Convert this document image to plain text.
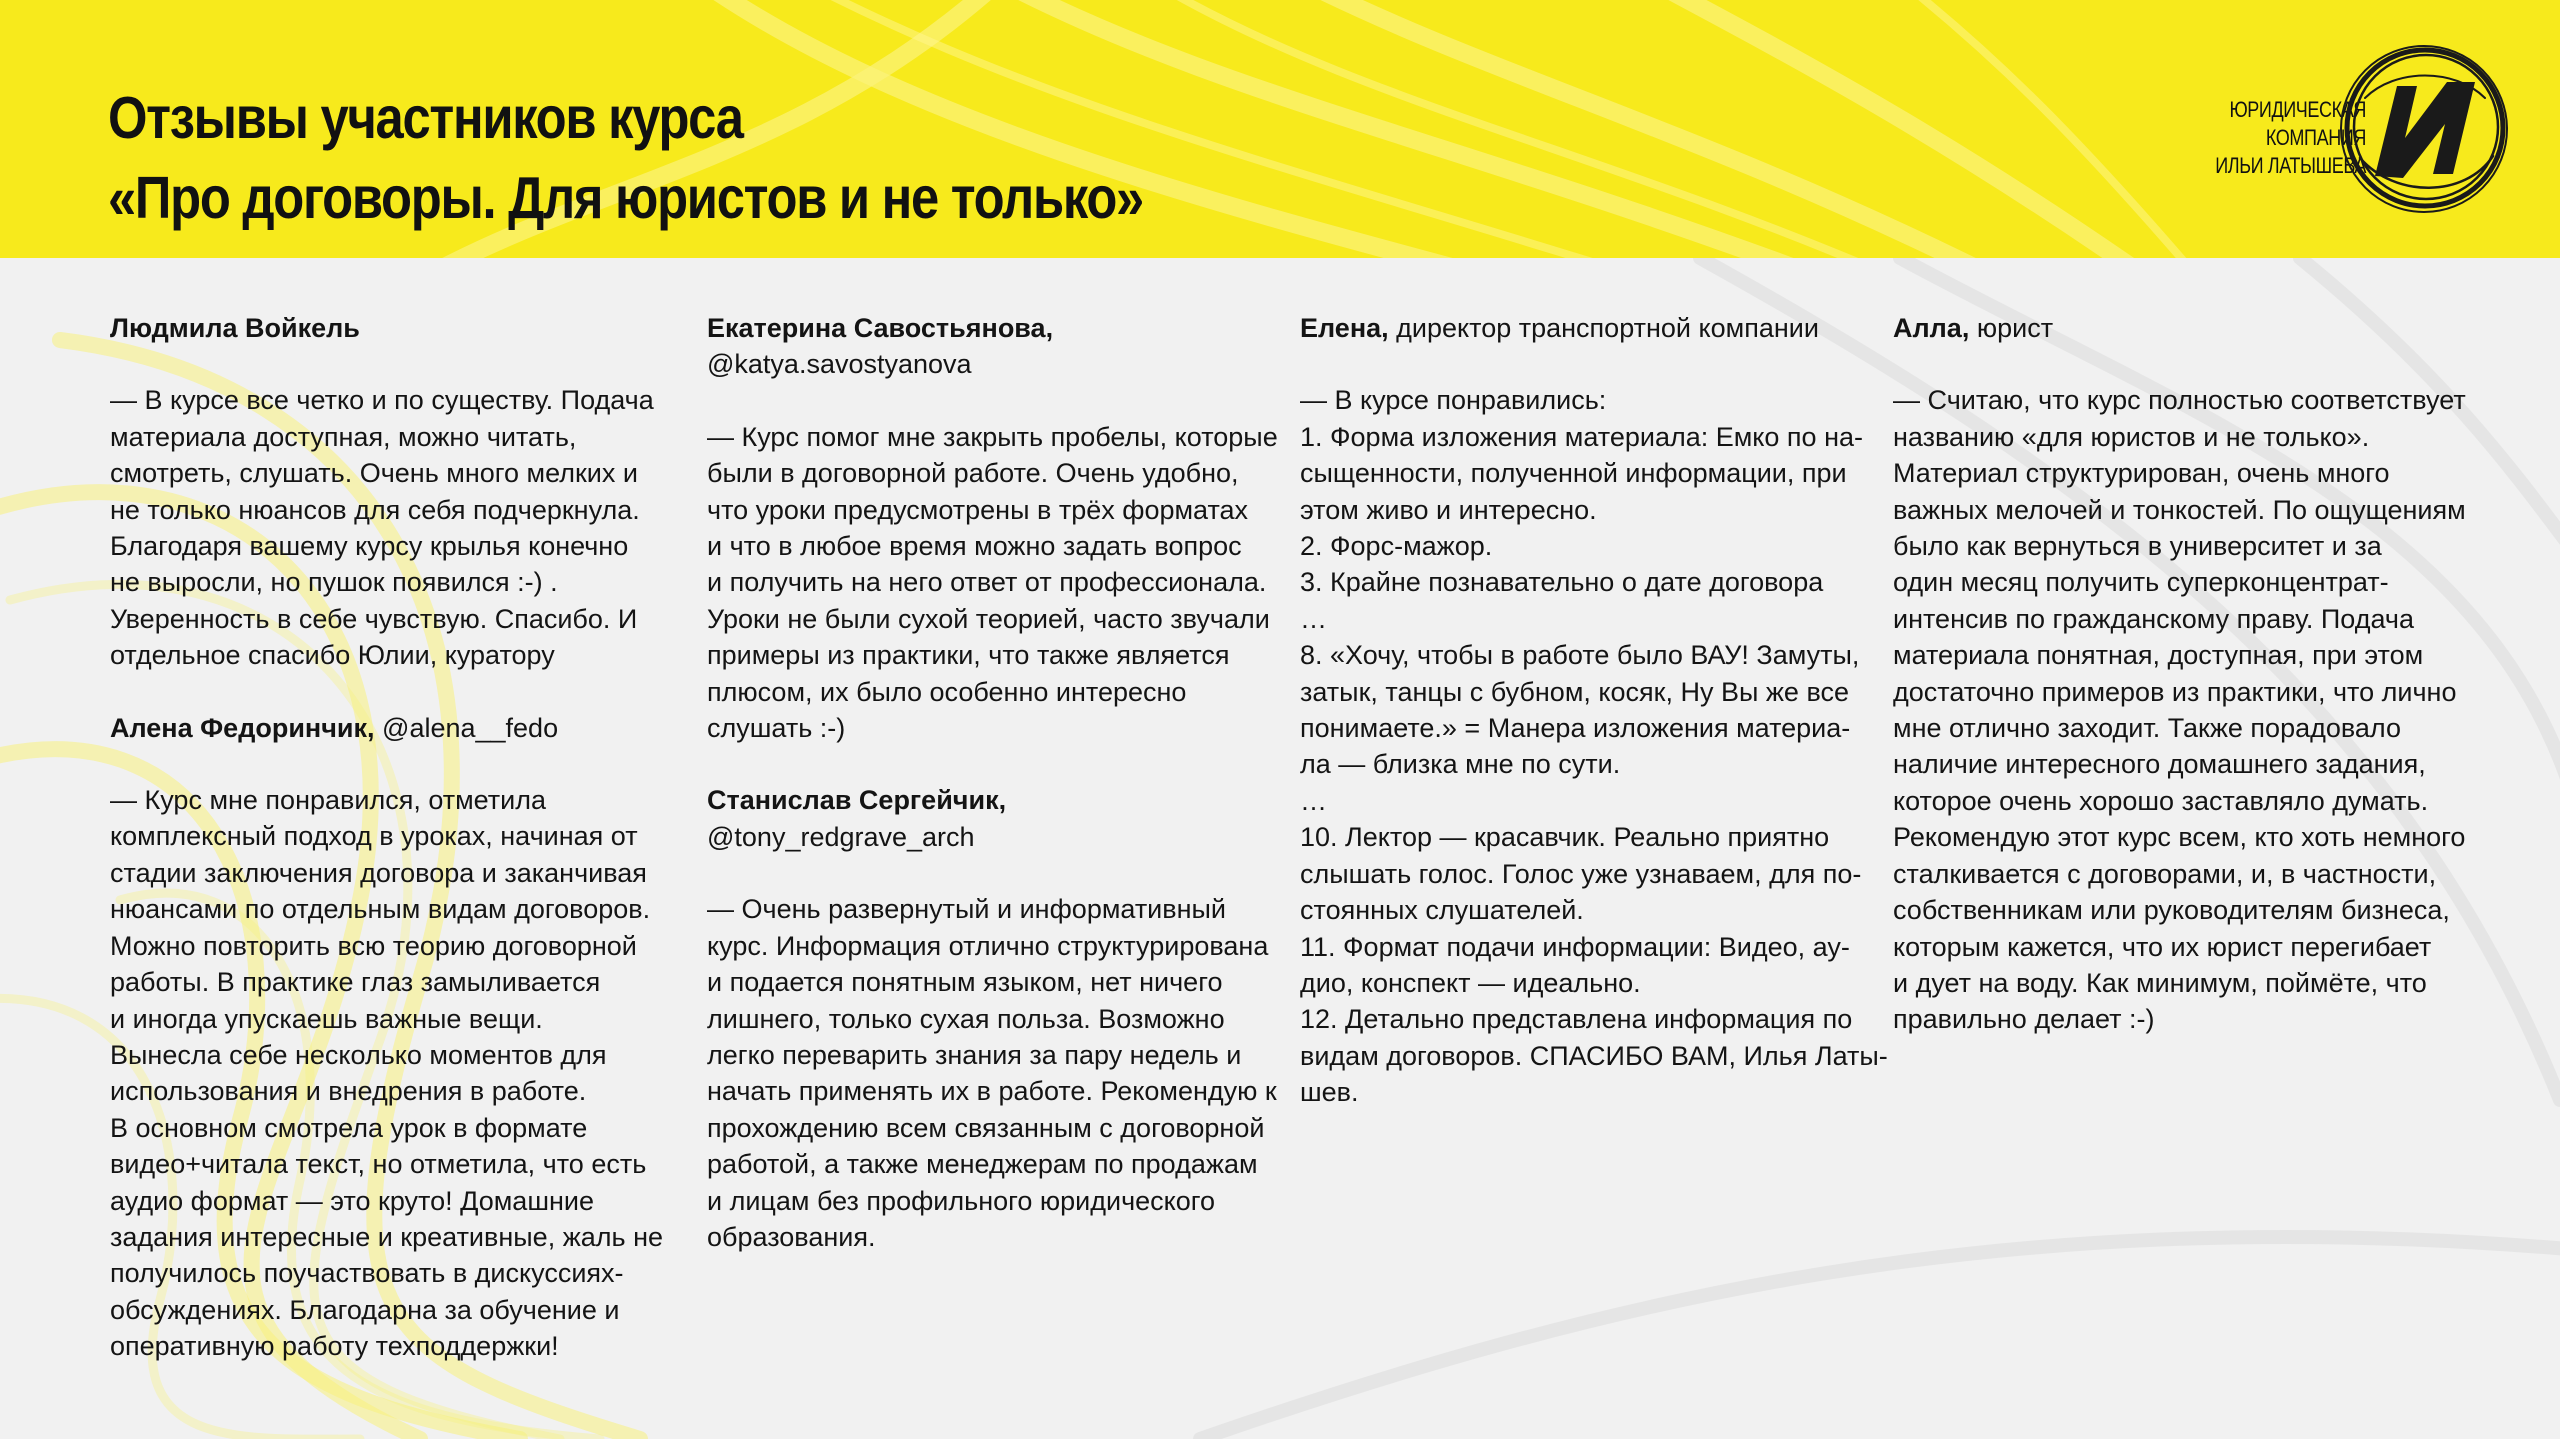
Отзывы участников курса
«Про договоры. Для юристов и не только»
ЮРИДИЧЕСКАЯ
КОМПАНИЯ
ИЛЬИ ЛАТЫШЕВА
Людмила Войкель

— В курсе все четко и по существу. Подача
материала доступная, можно читать,
смотреть, слушать. Очень много мелких и
не только нюансов для себя подчеркнула.
Благодаря вашему курсу крылья конечно
не выросли, но пушок появился :-) .
Уверенность в себе чувствую. Спасибо. И
отдельное спасибо Юлии, куратору

Алена Федоринчик, @alena__fedo

— Курс мне понравился, отметила
комплексный подход в уроках, начиная от
стадии заключения договора и заканчивая
нюансами по отдельным видам договоров.
Можно повторить всю теорию договорной
работы. В практике глаз замыливается
и иногда упускаешь важные вещи.
Вынесла себе несколько моментов для
использования и внедрения в работе.
В основном смотрела урок в формате
видео+читала текст, но отметила, что есть
аудио формат — это круто! Домашние
задания интересные и креативные, жаль не
получилось поучаствовать в дискуссиях-
обсуждениях. Благодарна за обучение и
оперативную работу техподдержки!

Екатерина Савостьянова,
@katya.savostyanova

— Курс помог мне закрыть пробелы, которые
были в договорной работе. Очень удобно,
что уроки предусмотрены в трёх форматах
и что в любое время можно задать вопрос
и получить на него ответ от профессионала.
Уроки не были сухой теорией, часто звучали
примеры из практики, что также является
плюсом, их было особенно интересно
слушать :-)

Станислав Сергейчик,
@tony_redgrave_arch

— Очень развернутый и информативный
курс. Информация отлично структурирована
и подается понятным языком, нет ничего
лишнего, только сухая польза. Возможно
легко переварить знания за пару недель и
начать применять их в работе. Рекомендую к
прохождению всем связанным с договорной
работой, а также менеджерам по продажам
и лицам без профильного юридического
образования.

Елена, директор транспортной компании

— В курсе понравились:
1. Форма изложения материала: Емко по на-
сыщенности, полученной информации, при
этом живо и интересно.
2. Форс-мажор.
3. Крайне познавательно о дате договора
…
8. «Хочу, чтобы в работе было ВАУ! Замуты,
затык, танцы с бубном, косяк, Ну Вы же все
понимаете.» = Манера изложения материа-
ла — близка мне по сути.
…
10. Лектор — красавчик. Реально приятно
слышать голос. Голос уже узнаваем, для по-
стоянных слушателей.
11. Формат подачи информации: Видео, ау-
дио, конспект — идеально.
12. Детально представлена информация по
видам договоров. СПАСИБО ВАМ, Илья Латы-
шев.

Алла, юрист

— Считаю, что курс полностью соответствует
названию «для юристов и не только».
Материал структурирован, очень много
важных мелочей и тонкостей. По ощущениям
было как вернуться в университет и за
один месяц получить суперконцентрат-
интенсив по гражданскому праву. Подача
материала понятная, доступная, при этом
достаточно примеров из практики, что лично
мне отлично заходит. Также порадовало
наличие интересного домашнего задания,
которое очень хорошо заставляло думать.
Рекомендую этот курс всем, кто хоть немного
сталкивается с договорами, и, в частности,
собственникам или руководителям бизнеса,
которым кажется, что их юрист перегибает
и дует на воду. Как минимум, поймёте, что
правильно делает :-)
